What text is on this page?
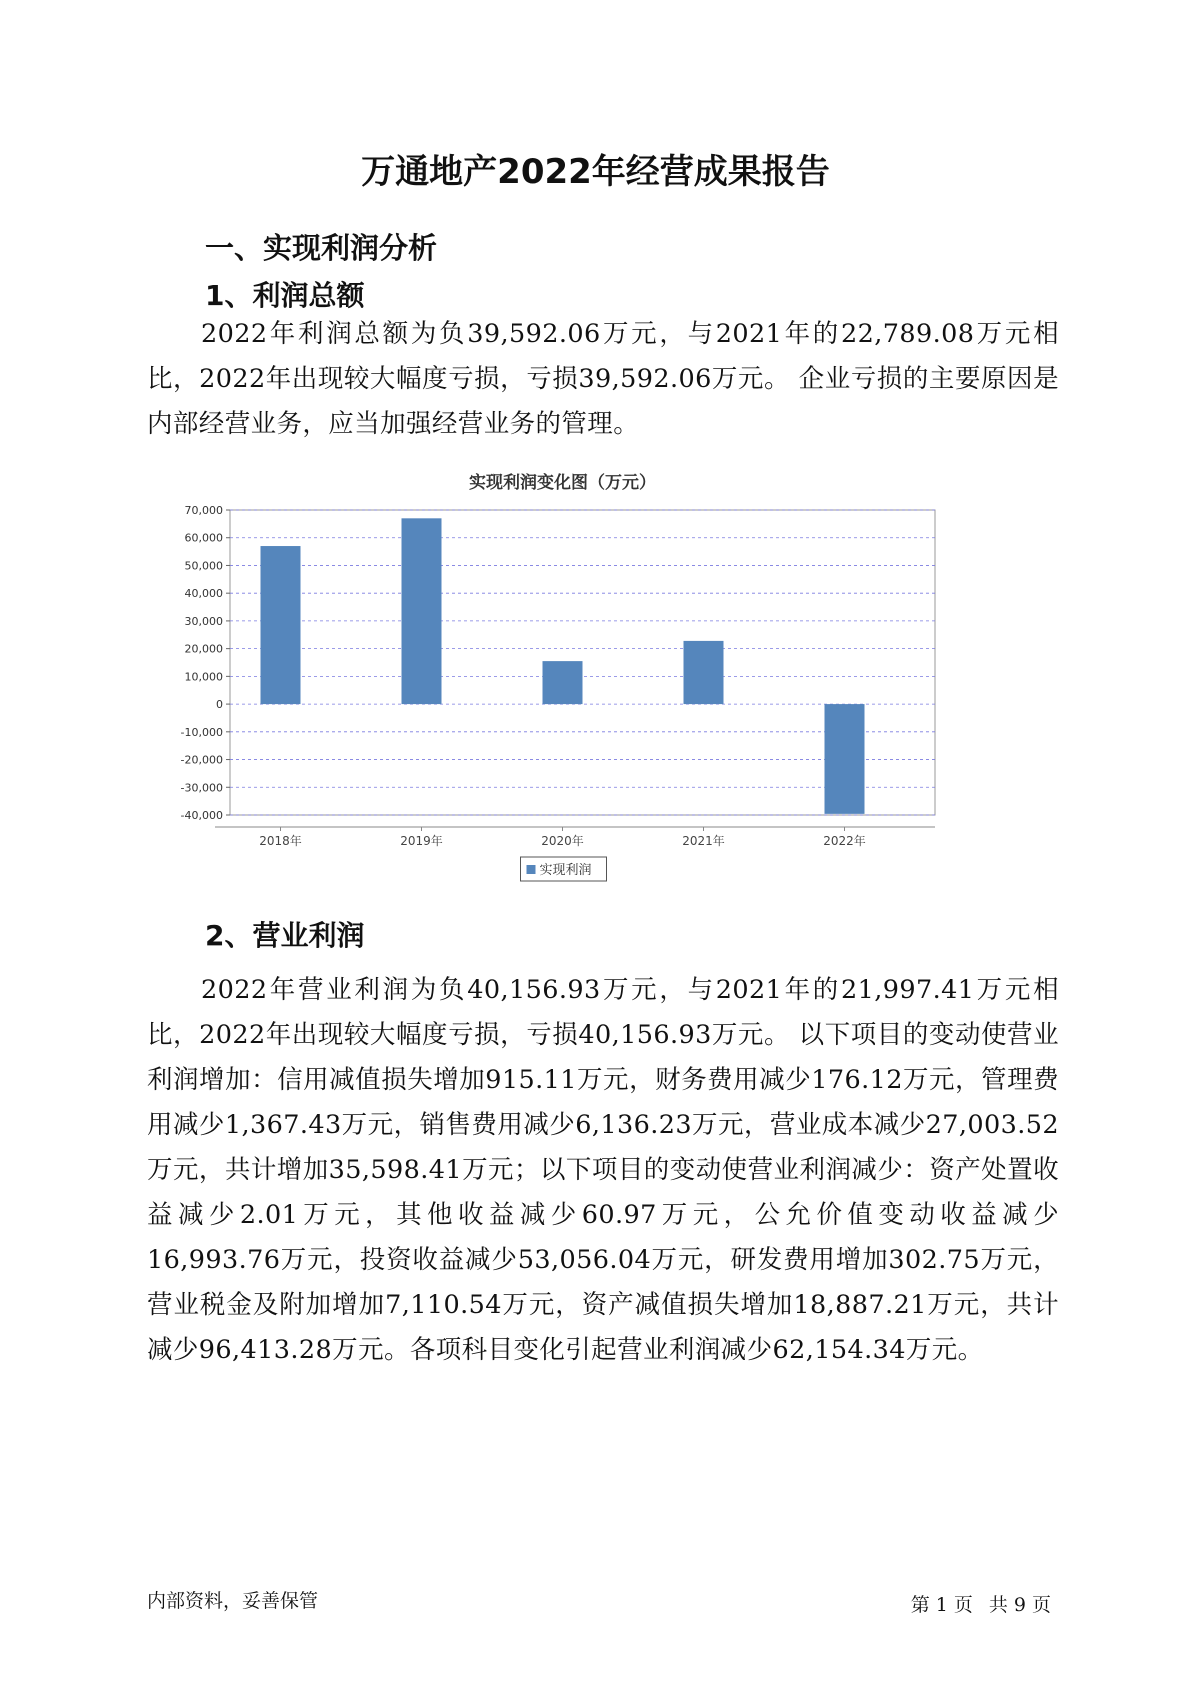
万通地产2022年经营成果报告
一、实现利润分析
1、利润总额
2022年利润总额为负39,592.06万元，与2021年的22,789.08万元相比，2022年出现较大幅度亏损，亏损39,592.06万元。 企业亏损的主要原因是内部经营业务，应当加强经营业务的管理。
实现利润变化图（万元）
70,000
60,000
50,000
40,000
30,000
20,000
10,000
0
-10,000
-20,000
-30,000
-40,000
2018年	2019年	2020年	2021年	2022年
实现利润
2、营业利润
2022年营业利润为负40,156.93万元，与2021年的21,997.41万元相比，2022年出现较大幅度亏损，亏损40,156.93万元。 以下项目的变动使营业利润增加：信用减值损失增加915.11万元，财务费用减少176.12万元，管理费用减少1,367.43万元，销售费用减少6,136.23万元，营业成本减少27,003.52万元，共计增加35,598.41万元；以下项目的变动使营业利润减少：资产处置收益减少2.01万元，其他收益减少60.97万元，公允价值变动收益减少16,993.76万元，投资收益减少53,056.04万元，研发费用增加302.75万元，营业税金及附加增加7,110.54万元，资产减值损失增加18,887.21万元，共计减少96,413.28万元。各项科目变化引起营业利润减少62,154.34万元。
内部资料，妥善保管	第 1 页 共 9 页
